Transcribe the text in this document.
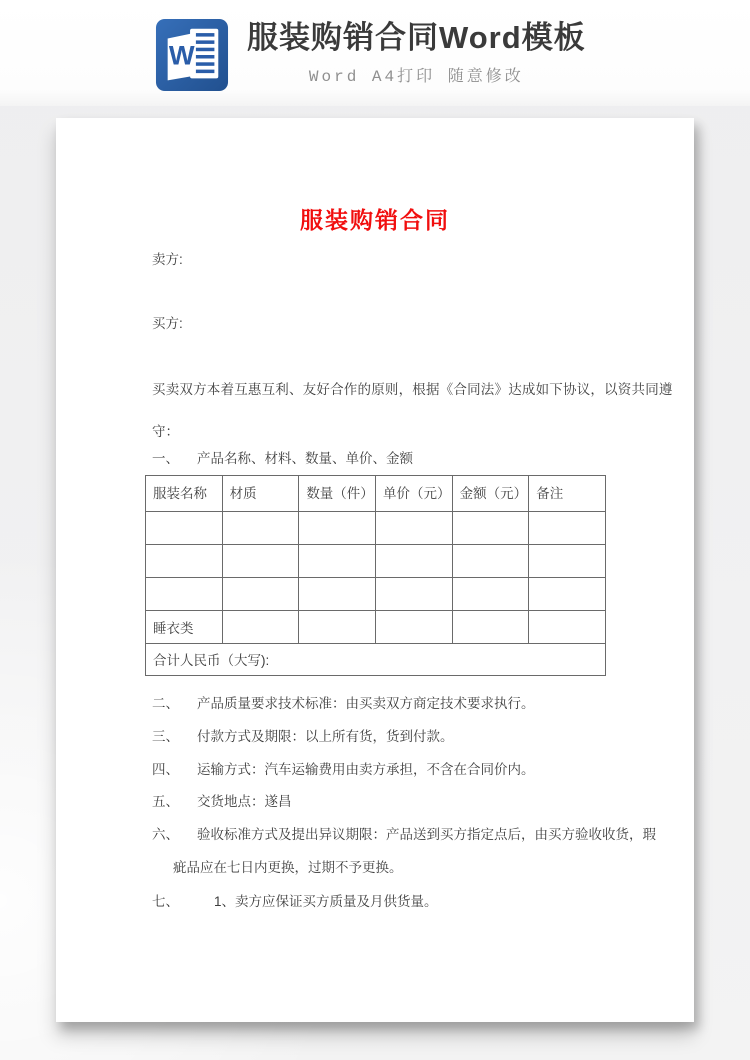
W
服装购销合同Word模板
Word A4打印 随意修改
服装购销合同
卖方:
买方:
买卖双方本着互惠互利、友好合作的原则，根据《合同法》达成如下协议，以资共同遵
守：
一、 产品名称、材料、数量、单价、金额
服装名称	材质	数量（件）	单价（元）	金额（元）	备注

睡衣类					
合计人民币（大写):					
二、 产品质量要求技术标准：由买卖双方商定技术要求执行。
三、 付款方式及期限：以上所有货，货到付款。
四、 运输方式：汽车运输费用由卖方承担，不含在合同价内。
五、 交货地点：遂昌
六、 验收标准方式及提出异议期限：产品送到买方指定点后，由买方验收收货，瑕
疵品应在七日内更换，过期不予更换。
七、	1、卖方应保证买方质量及月供货量。
